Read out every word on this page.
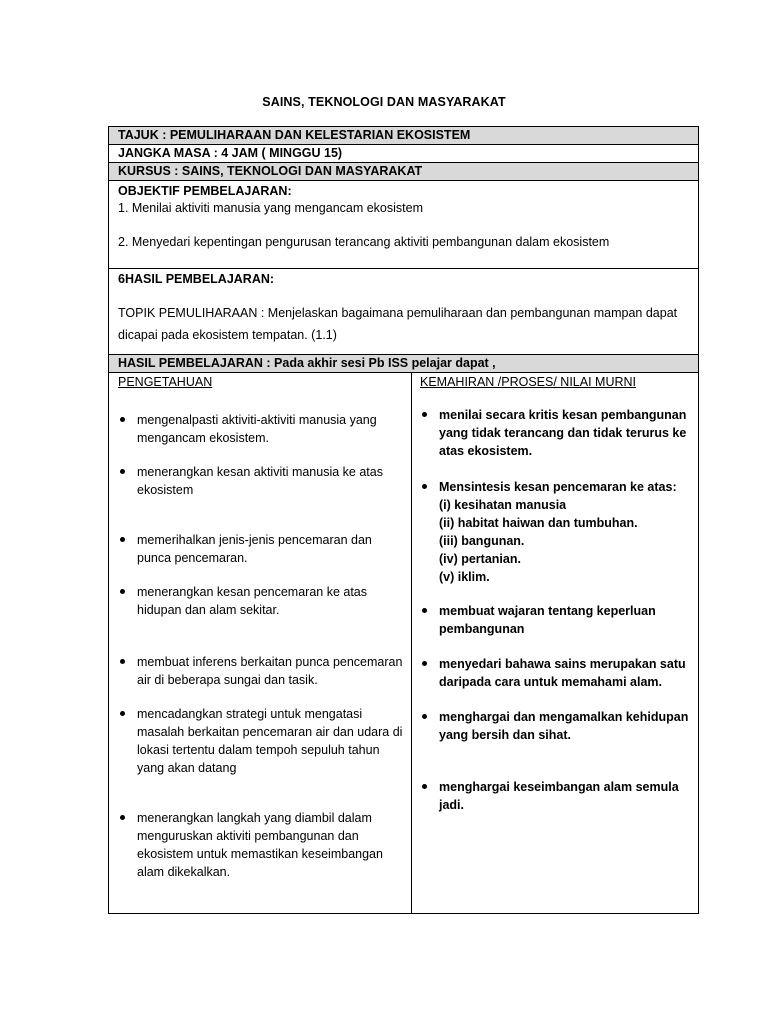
SAINS, TEKNOLOGI DAN MASYARAKAT
TAJUK : PEMULIHARAAN DAN KELESTARIAN EKOSISTEM
JANGKA MASA : 4 JAM ( MINGGU 15)
KURSUS : SAINS, TEKNOLOGI DAN MASYARAKAT
OBJEKTIF PEMBELAJARAN:
1. Menilai aktiviti manusia yang mengancam ekosistem
2. Menyedari kepentingan pengurusan terancang aktiviti pembangunan dalam ekosistem
6HASIL PEMBELAJARAN:
TOPIK PEMULIHARAAN : Menjelaskan bagaimana pemuliharaan dan pembangunan mampan dapat
dicapai pada ekosistem tempatan. (1.1)
HASIL PEMBELAJARAN : Pada akhir sesi Pb ISS pelajar dapat ,
PENGETAHUAN
mengenalpasti aktiviti-aktiviti manusia yang mengancam ekosistem.
menerangkan kesan aktiviti manusia ke atas ekosistem
memerihalkan jenis-jenis pencemaran dan punca pencemaran.
menerangkan kesan pencemaran ke atas hidupan dan alam sekitar.
membuat inferens berkaitan punca pencemaran air di beberapa sungai dan tasik.
mencadangkan strategi untuk mengatasi masalah berkaitan pencemaran air dan udara di lokasi tertentu dalam tempoh sepuluh tahun yang akan datang
menerangkan langkah yang diambil dalam menguruskan aktiviti pembangunan dan ekosistem untuk memastikan keseimbangan alam dikekalkan.
KEMAHIRAN /PROSES/ NILAI MURNI
menilai secara kritis kesan pembangunan yang tidak terancang dan tidak terurus ke atas ekosistem.
Mensintesis kesan pencemaran ke atas:
(i) kesihatan manusia
(ii) habitat haiwan dan tumbuhan.
(iii) bangunan.
(iv) pertanian.
(v) iklim.
membuat wajaran tentang keperluan pembangunan
menyedari bahawa sains merupakan satu daripada cara untuk memahami alam.
menghargai dan mengamalkan kehidupan yang bersih dan sihat.
menghargai keseimbangan alam semula jadi.
